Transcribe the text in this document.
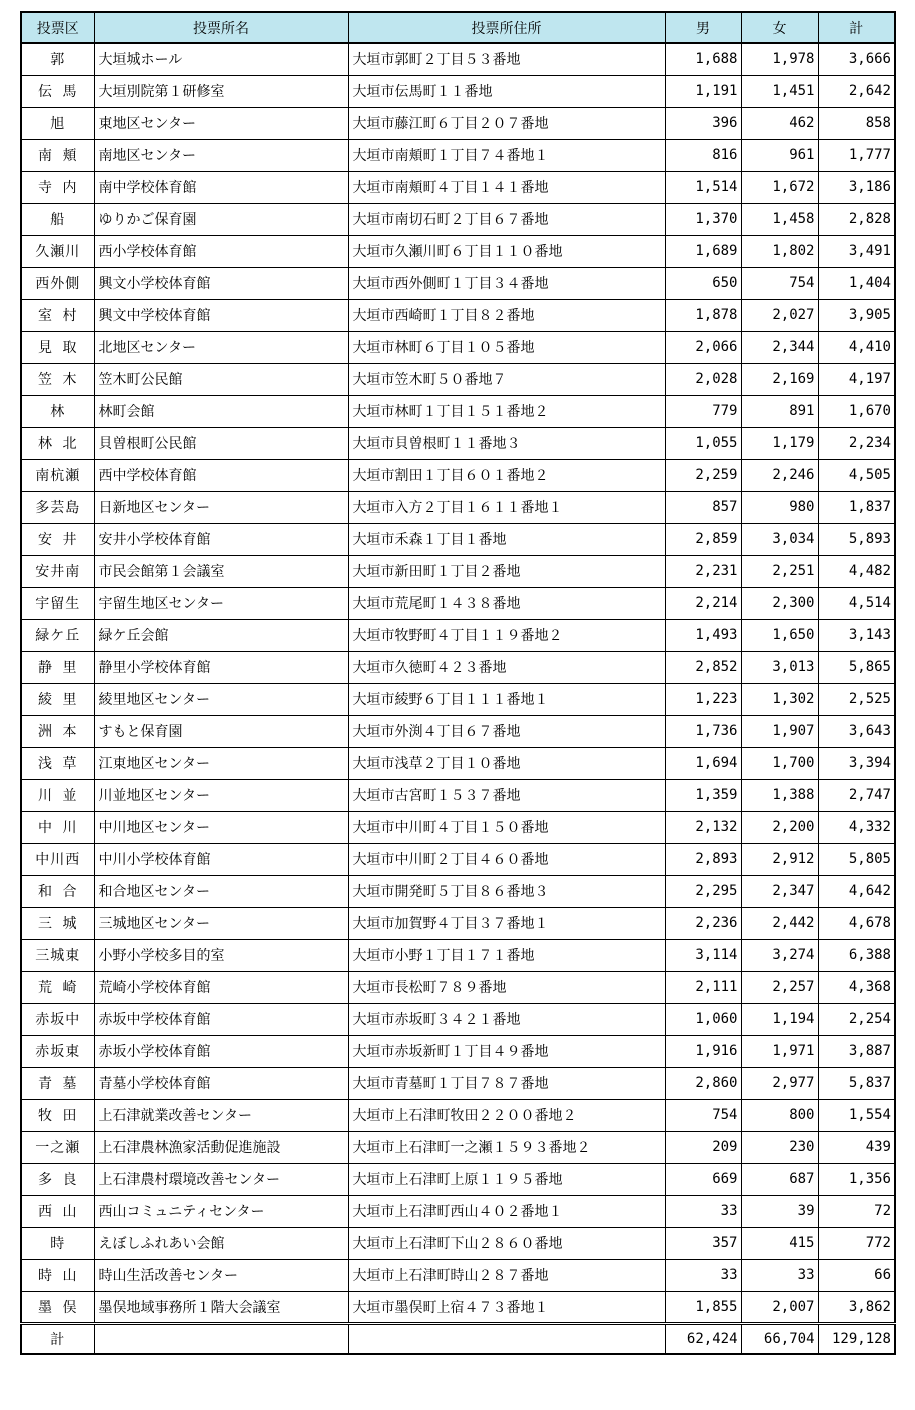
投票区	投票所名	投票所住所	男	女	計
郭	大垣城ホール	大垣市郭町２丁目５３番地	1,688	1,978	3,666
伝 馬	大垣別院第１研修室	大垣市伝馬町１１番地	1,191	1,451	2,642
旭	東地区センター	大垣市藤江町６丁目２０７番地	396	462	858
南 頬	南地区センター	大垣市南頬町１丁目７４番地１	816	961	1,777
寺 内	南中学校体育館	大垣市南頬町４丁目１４１番地	1,514	1,672	3,186
船	ゆりかご保育園	大垣市南切石町２丁目６７番地	1,370	1,458	2,828
久瀬川	西小学校体育館	大垣市久瀬川町６丁目１１０番地	1,689	1,802	3,491
西外側	興文小学校体育館	大垣市西外側町１丁目３４番地	650	754	1,404
室 村	興文中学校体育館	大垣市西崎町１丁目８２番地	1,878	2,027	3,905
見 取	北地区センター	大垣市林町６丁目１０５番地	2,066	2,344	4,410
笠 木	笠木町公民館	大垣市笠木町５０番地７	2,028	2,169	4,197
林	林町会館	大垣市林町１丁目１５１番地２	779	891	1,670
林 北	貝曽根町公民館	大垣市貝曽根町１１番地３	1,055	1,179	2,234
南杭瀬	西中学校体育館	大垣市割田１丁目６０１番地２	2,259	2,246	4,505
多芸島	日新地区センター	大垣市入方２丁目１６１１番地１	857	980	1,837
安 井	安井小学校体育館	大垣市禾森１丁目１番地	2,859	3,034	5,893
安井南	市民会館第１会議室	大垣市新田町１丁目２番地	2,231	2,251	4,482
宇留生	宇留生地区センター	大垣市荒尾町１４３８番地	2,214	2,300	4,514
緑ケ丘	緑ケ丘会館	大垣市牧野町４丁目１１９番地２	1,493	1,650	3,143
静 里	静里小学校体育館	大垣市久徳町４２３番地	2,852	3,013	5,865
綾 里	綾里地区センター	大垣市綾野６丁目１１１番地１	1,223	1,302	2,525
洲 本	すもと保育園	大垣市外渕４丁目６７番地	1,736	1,907	3,643
浅 草	江東地区センター	大垣市浅草２丁目１０番地	1,694	1,700	3,394
川 並	川並地区センター	大垣市古宮町１５３７番地	1,359	1,388	2,747
中 川	中川地区センター	大垣市中川町４丁目１５０番地	2,132	2,200	4,332
中川西	中川小学校体育館	大垣市中川町２丁目４６０番地	2,893	2,912	5,805
和 合	和合地区センター	大垣市開発町５丁目８６番地３	2,295	2,347	4,642
三 城	三城地区センター	大垣市加賀野４丁目３７番地１	2,236	2,442	4,678
三城東	小野小学校多目的室	大垣市小野１丁目１７１番地	3,114	3,274	6,388
荒 崎	荒崎小学校体育館	大垣市長松町７８９番地	2,111	2,257	4,368
赤坂中	赤坂中学校体育館	大垣市赤坂町３４２１番地	1,060	1,194	2,254
赤坂東	赤坂小学校体育館	大垣市赤坂新町１丁目４９番地	1,916	1,971	3,887
青 墓	青墓小学校体育館	大垣市青墓町１丁目７８７番地	2,860	2,977	5,837
牧 田	上石津就業改善センター	大垣市上石津町牧田２２００番地２	754	800	1,554
一之瀬	上石津農林漁家活動促進施設	大垣市上石津町一之瀬１５９３番地２	209	230	439
多 良	上石津農村環境改善センター	大垣市上石津町上原１１９５番地	669	687	1,356
西 山	西山コミュニティセンター	大垣市上石津町西山４０２番地１	33	39	72
時	えぼしふれあい会館	大垣市上石津町下山２８６０番地	357	415	772
時 山	時山生活改善センター	大垣市上石津町時山２８７番地	33	33	66
墨 俣	墨俣地域事務所１階大会議室	大垣市墨俣町上宿４７３番地１	1,855	2,007	3,862
計			62,424	66,704	129,128
